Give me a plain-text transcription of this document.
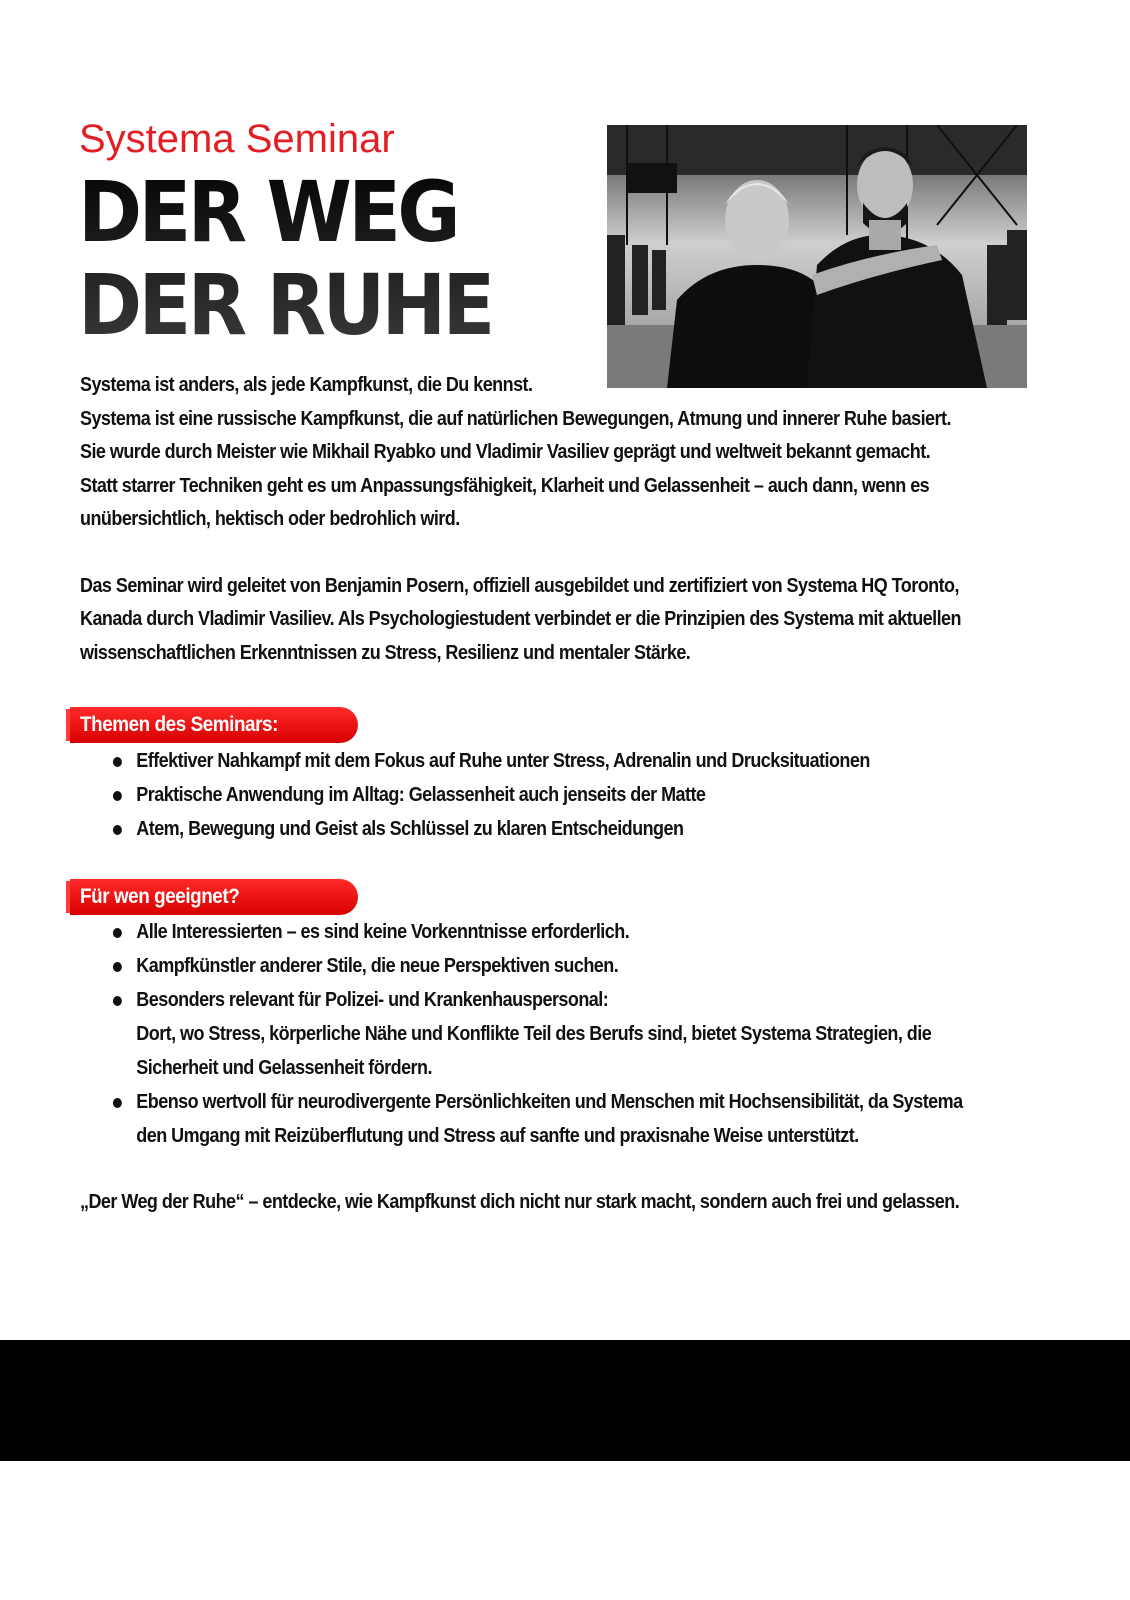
Systema Seminar
DER WEG
DER RUHE

Systema ist anders, als jede Kampfkunst, die Du kennst.

Systema ist eine russische Kampfkunst, die auf natürlichen Bewegungen, Atmung und innerer Ruhe basiert. Sie wurde durch Meister wie Mikhail Ryabko und Vladimir Vasiliev geprägt und weltweit bekannt gemacht. Statt starrer Techniken geht es um Anpassungsfähigkeit, Klarheit und Gelassenheit – auch dann, wenn es unübersichtlich, hektisch oder bedrohlich wird.

Das Seminar wird geleitet von Benjamin Posern, offiziell ausgebildet und zertifiziert von Systema HQ Toronto, Kanada durch Vladimir Vasiliev. Als Psychologiestudent verbindet er die Prinzipien des Systema mit aktuellen wissenschaftlichen Erkenntnissen zu Stress, Resilienz und mentaler Stärke.

Themen des Seminars:
Effektiver Nahkampf mit dem Fokus auf Ruhe unter Stress, Adrenalin und Drucksituationen
Praktische Anwendung im Alltag: Gelassenheit auch jenseits der Matte
Atem, Bewegung und Geist als Schlüssel zu klaren Entscheidungen
Für wen geeignet?
Alle Interessierten – es sind keine Vorkenntnisse erforderlich.
Kampfkünstler anderer Stile, die neue Perspektiven suchen.
Besonders relevant für Polizei- und Krankenhauspersonal:
Dort, wo Stress, körperliche Nähe und Konflikte Teil des Berufs sind, bietet Systema Strategien, die Sicherheit und Gelassenheit fördern.
Ebenso wertvoll für neurodivergente Persönlichkeiten und Menschen mit Hochsensibilität, da Systema den Umgang mit Reizüberflutung und Stress auf sanfte und praxisnahe Weise unterstützt.

„Der Weg der Ruhe“ – entdecke, wie Kampfkunst dich nicht nur stark macht, sondern auch frei und gelassen.
